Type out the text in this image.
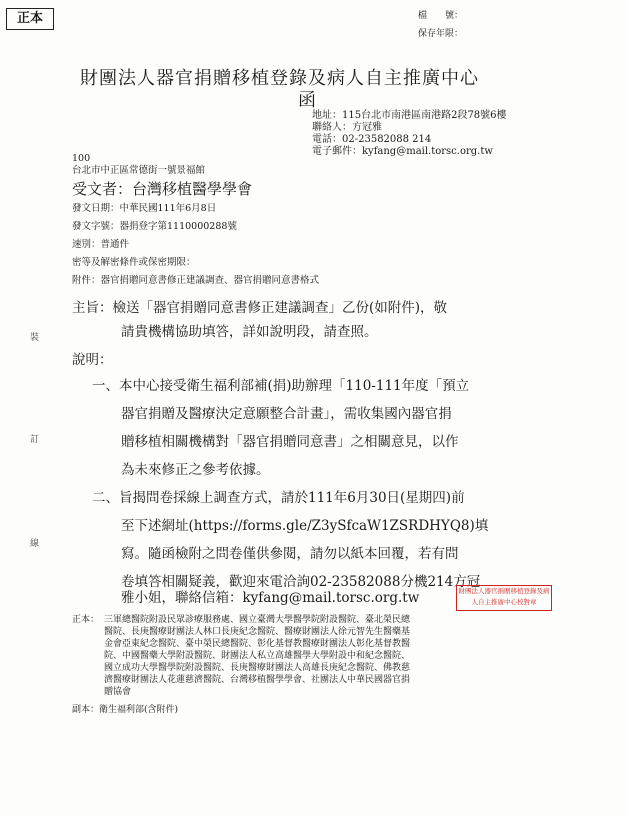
正本	檔　　號：
保存年限：
財團法人器官捐贈移植登錄及病人自主推廣中心
函
地址：115台北市南港區南港路2段78號6樓
聯絡人：方冠雅
電話：02-23582088 214
電子郵件：kyfang@mail.torsc.org.tw
100
台北市中正區常德街一號景福館
受文者：台灣移植醫學學會
發文日期：中華民國111年6月8日
發文字號：器捐登字第1110000288號
速別：普通件
密等及解密條件或保密期限：
附件：器官捐贈同意書修正建議調查、器官捐贈同意書格式
主旨：檢送「器官捐贈同意書修正建議調查」乙份(如附件)，敬
請貴機構協助填答，詳如說明段，請查照。
說明：
一、本中心接受衛生福利部補(捐)助辦理「110-111年度「預立
器官捐贈及醫療決定意願整合計畫」，需收集國內器官捐
贈移植相關機構對「器官捐贈同意書」之相關意見，以作
為未來修正之參考依據。
二、旨揭問卷採線上調查方式，請於111年6月30日(星期四)前
至下述網址(https://forms.gle/Z3ySfcaW1ZSRDHYQ8)填
寫。隨函檢附之問卷僅供參閱，請勿以紙本回覆，若有問
卷填答相關疑義，歡迎來電洽詢02-23582088分機214方冠
雅小姐，聯絡信箱：kyfang@mail.torsc.org.tw	財團法人器官捐贈移植登錄及病人自主推廣中心校對章
正本： 三軍總醫院附設民眾診療服務處、國立臺灣大學醫學院附設醫院、臺北榮民總
醫院、長庚醫療財團法人林口長庚紀念醫院、醫療財團法人徐元智先生醫藥基
金會亞東紀念醫院、臺中榮民總醫院、彰化基督教醫療財團法人彰化基督教醫
院、中國醫藥大學附設醫院、財團法人私立高雄醫學大學附設中和紀念醫院、
國立成功大學醫學院附設醫院、長庚醫療財團法人高雄長庚紀念醫院、佛教慈
濟醫療財團法人花蓮慈濟醫院、台灣移植醫學學會、社團法人中華民國器官捐
贈協會
副本：衛生福利部(含附件)
裝
訂
線
